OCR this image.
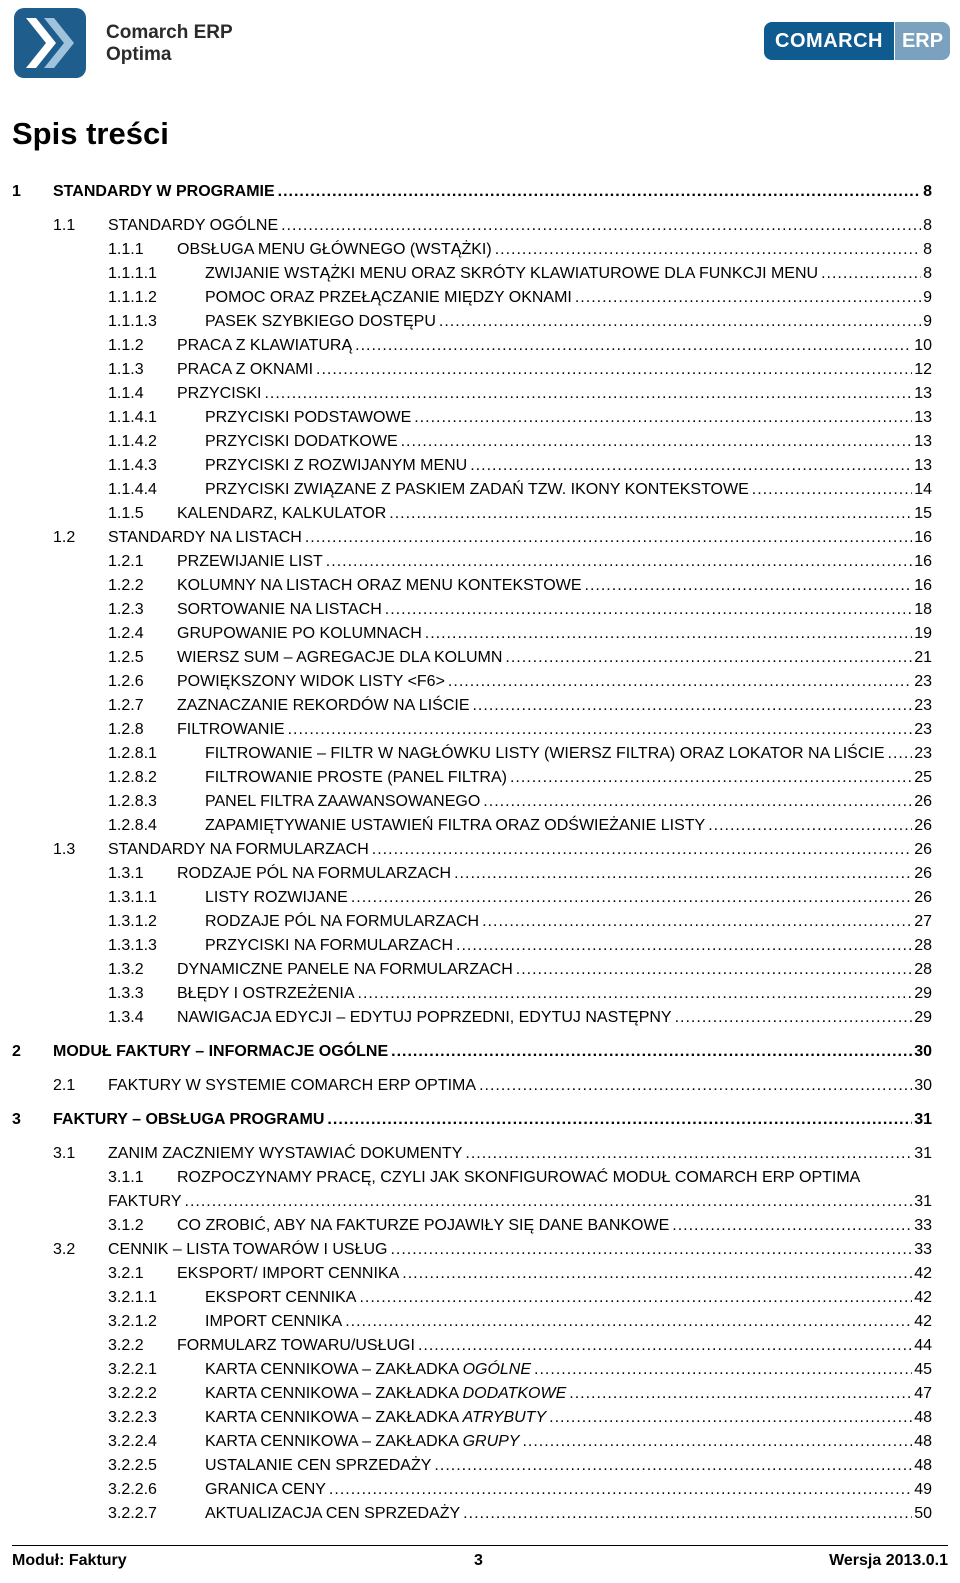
Comarch ERP
Optima
COMARCH ERP
Spis treści
1 STANDARDY W PROGRAMIE .....	8
1.1 STANDARDY OGÓLNE .....	8
1.1.1 OBSŁUGA MENU GŁÓWNEGO (WSTĄŻKI) .....	8
1.1.1.1	ZWIJANIE WSTĄŻKI MENU ORAZ SKRÓTY KLAWIATUROWE DLA FUNKCJI MENU .....	8
1.1.1.2	POMOC ORAZ PRZEŁĄCZANIE MIĘDZY OKNAMI .....	9
1.1.1.3	PASEK SZYBKIEGO DOSTĘPU .....	9
1.1.2 PRACA Z KLAWIATURĄ .....	10
1.1.3 PRACA Z OKNAMI .....	12
1.1.4 PRZYCISKI .....	13
1.1.4.1	PRZYCISKI PODSTAWOWE .....	13
1.1.4.2	PRZYCISKI DODATKOWE .....	13
1.1.4.3	PRZYCISKI Z ROZWIJANYM MENU .....	13
1.1.4.4	PRZYCISKI ZWIĄZANE Z PASKIEM ZADAŃ TZW. IKONY KONTEKSTOWE .....	14
1.1.5 KALENDARZ, KALKULATOR .....	15
1.2 STANDARDY NA LISTACH .....	16
1.2.1 PRZEWIJANIE LIST .....	16
1.2.2 KOLUMNY NA LISTACH ORAZ MENU KONTEKSTOWE .....	16
1.2.3 SORTOWANIE NA LISTACH .....	18
1.2.4 GRUPOWANIE PO KOLUMNACH .....	19
1.2.5 WIERSZ SUM – AGREGACJE DLA KOLUMN .....	21
1.2.6 POWIĘKSZONY WIDOK LISTY <F6> .....	23
1.2.7 ZAZNACZANIE REKORDÓW NA LIŚCIE .....	23
1.2.8 FILTROWANIE .....	23
1.2.8.1	FILTROWANIE – FILTR W NAGŁÓWKU LISTY (WIERSZ FILTRA) ORAZ LOKATOR NA LIŚCIE ..... 23
1.2.8.2	FILTROWANIE PROSTE (PANEL FILTRA) .....	25
1.2.8.3	PANEL FILTRA ZAAWANSOWANEGO .....	26
1.2.8.4	ZAPAMIĘTYWANIE USTAWIEŃ FILTRA ORAZ ODŚWIEŻANIE LISTY .....	26
1.3 STANDARDY NA FORMULARZACH .....	26
1.3.1 RODZAJE PÓL NA FORMULARZACH .....	26
1.3.1.1	LISTY ROZWIJANE .....	26
1.3.1.2	RODZAJE PÓL NA FORMULARZACH .....	27
1.3.1.3	PRZYCISKI NA FORMULARZACH .....	28
1.3.2 DYNAMICZNE PANELE NA FORMULARZACH .....	28
1.3.3 BŁĘDY I OSTRZEŻENIA .....	29
1.3.4 NAWIGACJA EDYCJI – EDYTUJ POPRZEDNI, EDYTUJ NASTĘPNY .....	29
2 MODUŁ FAKTURY – INFORMACJE OGÓLNE .....	30
2.1 FAKTURY W SYSTEMIE COMARCH ERP OPTIMA .....	30
3 FAKTURY – OBSŁUGA PROGRAMU .....	31
3.1 ZANIM ZACZNIEMY WYSTAWIAĆ DOKUMENTY .....	31
3.1.1 ROZPOCZYNAMY PRACĘ, CZYLI JAK SKONFIGUROWAĆ MODUŁ COMARCH ERP OPTIMA
FAKTURY .....	31
3.1.2 CO ZROBIĆ, ABY NA FAKTURZE POJAWIŁY SIĘ DANE BANKOWE .....	33
3.2 CENNIK – LISTA TOWARÓW I USŁUG .....	33
3.2.1 EKSPORT/ IMPORT CENNIKA .....	42
3.2.1.1	EKSPORT CENNIKA .....	42
3.2.1.2	IMPORT CENNIKA .....	42
3.2.2 FORMULARZ TOWARU/USŁUGI .....	44
3.2.2.1	KARTA CENNIKOWA – ZAKŁADKA OGÓLNE .....	45
3.2.2.2	KARTA CENNIKOWA – ZAKŁADKA DODATKOWE .....	47
3.2.2.3	KARTA CENNIKOWA – ZAKŁADKA ATRYBUTY .....	48
3.2.2.4	KARTA CENNIKOWA – ZAKŁADKA GRUPY .....	48
3.2.2.5	USTALANIE CEN SPRZEDAŻY .....	48
3.2.2.6	GRANICA CENY .....	49
3.2.2.7	AKTUALIZACJA CEN SPRZEDAŻY .....	50
Moduł: Faktury	3	Wersja 2013.0.1
